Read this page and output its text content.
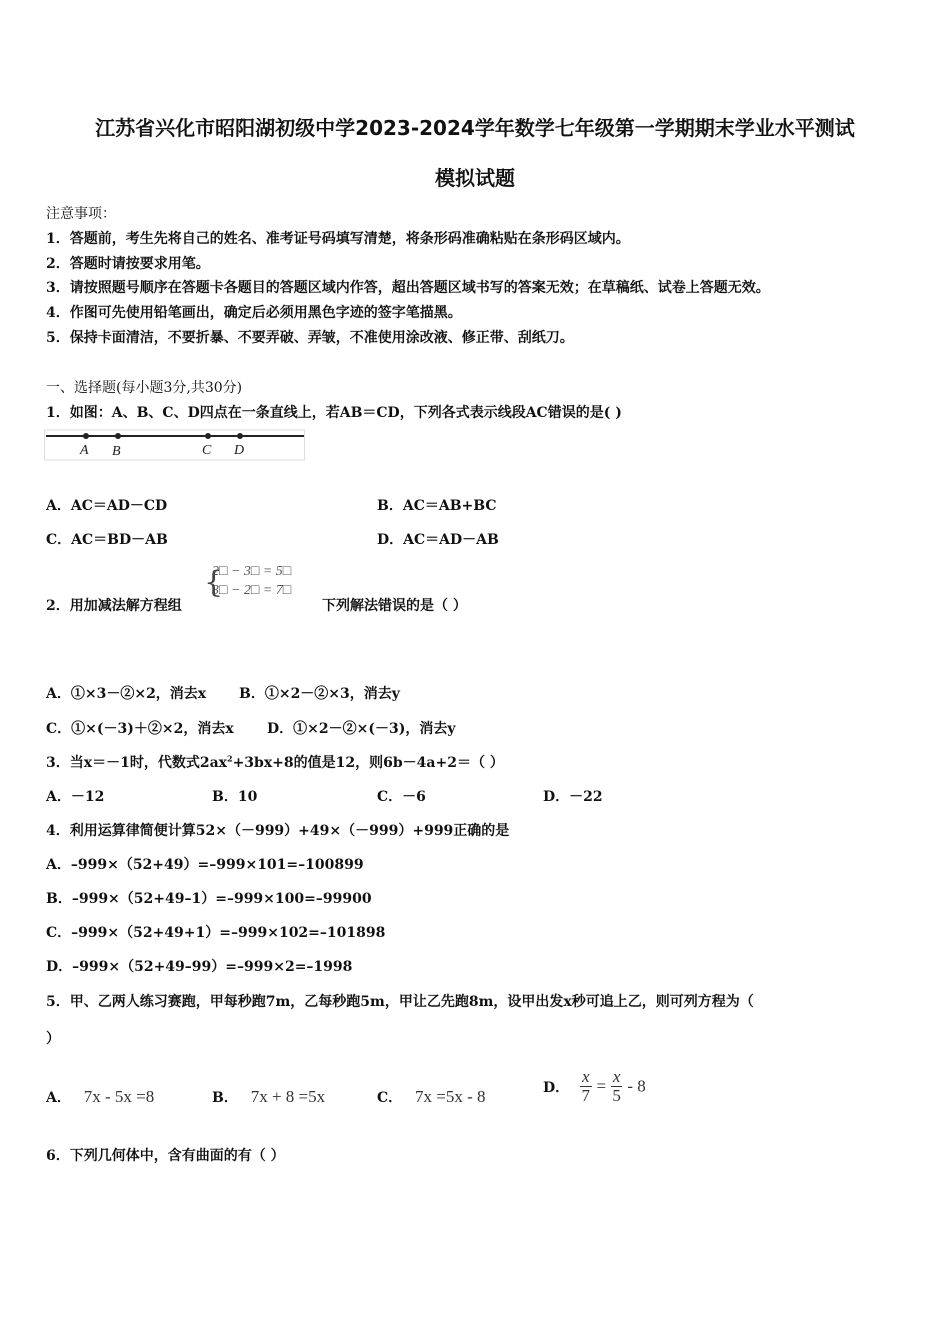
江苏省兴化市昭阳湖初级中学2023-2024学年数学七年级第一学期期末学业水平测试
模拟试题
注意事项：
1．答题前，考生先将自己的姓名、准考证号码填写清楚，将条形码准确粘贴在条形码区域内。
2．答题时请按要求用笔。
3．请按照题号顺序在答题卡各题目的答题区域内作答，超出答题区域书写的答案无效；在草稿纸、试卷上答题无效。
4．作图可先使用铅笔画出，确定后必须用黑色字迹的签字笔描黑。
5．保持卡面清洁，不要折暴、不要弄破、弄皱，不准使用涂改液、修正带、刮纸刀。
一、选择题(每小题3分,共30分)
1．如图：A、B、C、D四点在一条直线上，若AB＝CD，下列各式表示线段AC错误的是( )
A B	C D
A．AC＝AD－CD	B．AC＝AB+BC
C．AC＝BD－AB	D．AC＝AD－AB
2．用加减法解方程组
{
2□ − 3□ = 5□
3□ − 2□ = 7□
下列解法错误的是（ ）
A．①×3－②×2，消去x B．①×2－②×3，消去y
C．①×(－3)＋②×2，消去x D．①×2－②×(－3)，消去y
3．当x＝－1时，代数式$2ax^2+3bx+8$的值是12，则6b－4a+2＝（ ）
A．－12	B．10	C．－6	D．－22
4．利用运算律简便计算52×（－999）+49×（－999）+999正确的是
A．–999×（52+49）=–999×101=–100899
B．–999×（52+49–1）=–999×100=–99900
C．–999×（52+49+1）=–999×102=–101898
D．–999×（52+49–99）=–999×2=–1998
5．甲、乙两人练习赛跑，甲每秒跑7m，乙每秒跑5m，甲让乙先跑8m，设甲出发x秒可追上乙，则可列方程为（
）
A． 7x - 5x =8	B． 7x + 8 =5x	C． 7x =5x - 8	D． $\frac{x}{7} = \frac{x}{5} - 8$
6．下列几何体中，含有曲面的有（ ）
